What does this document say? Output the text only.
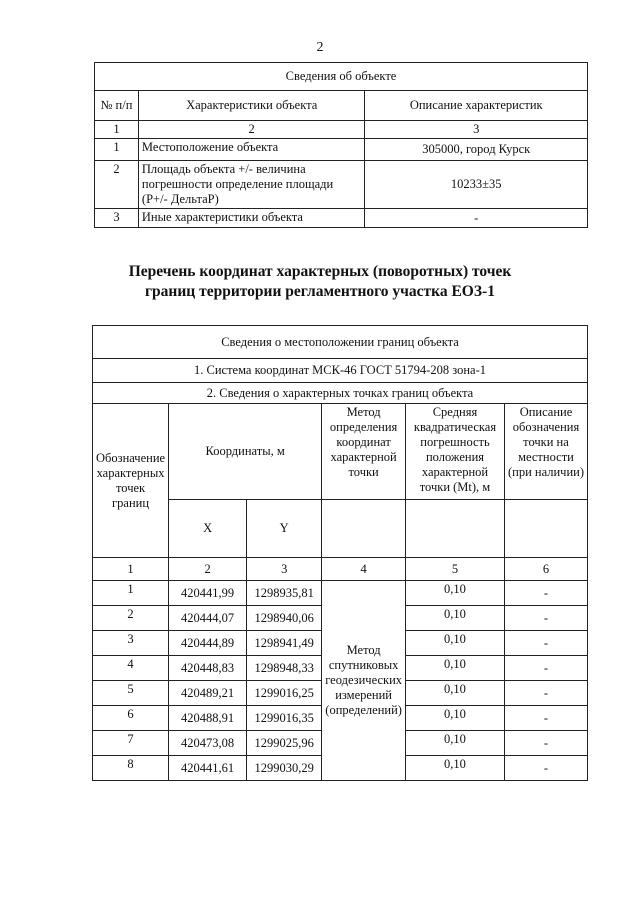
2
Сведения об объекте		
№ п/п	Характеристики объекта	Описание характеристик
1	2	3
1	Местоположение объекта	305000, город Курск
2	Площадь объекта +/- величина погрешности определение площади (Р+/- ДельтаР)	10233±35
3	Иные характеристики объекта	-
Перечень координат характерных (поворотных) точек
границ территории регламентного участка ЕОЗ-1
Сведения о местоположении границ объекта					
1. Система координат МСК-46 ГОСТ 51794-208 зона-1					
2. Сведения о характерных точках границ объекта					
Обозначение характерных точек границ	Координаты, м		Метод определения координат характерной точки	Средняя квадратическая погрешность положения характерной точки (Mt), м	Описание обозначения точки на местности (при наличии)
	X	Y			
1	2	3	4	5	6
1	420441,99	1298935,81	Метод спутниковых геодезических измерений (определений)	0,10	-
2	420444,07	1298940,06		0,10	-
3	420444,89	1298941,49		0,10	-
4	420448,83	1298948,33		0,10	-
5	420489,21	1299016,25		0,10	-
6	420488,91	1299016,35		0,10	-
7	420473,08	1299025,96		0,10	-
8	420441,61	1299030,29		0,10	-
